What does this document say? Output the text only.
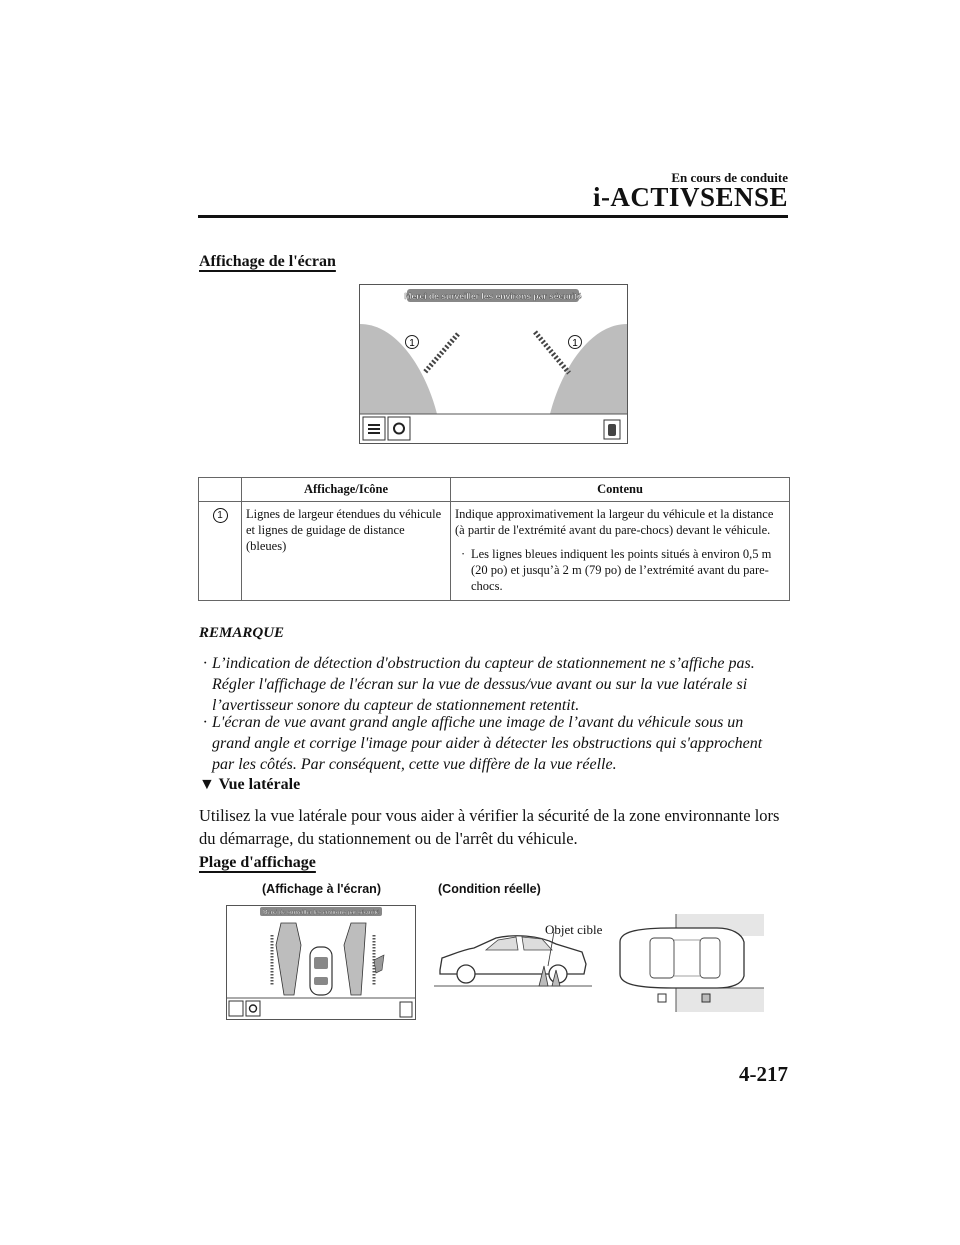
En cours de conduite
i-ACTIVSENSE
Affichage de l'écran
Merci de surveiller les environs par sécurité
1	1
	Affichage/Icône	Contenu
1	Lignes de largeur étendues du véhicule et lignes de guidage de distance (bleues)	Indique approximativement la largeur du véhicule et la distance (à partir de l'extrémité avant du pare-chocs) devant le véhicule.
· Les lignes bleues indiquent les points situés à environ 0,5 m (20 po) et jusqu’à 2 m (79 po) de l’extrémité avant du pare-chocs.
REMARQUE
· L’indication de détection d'obstruction du capteur de stationnement ne s’affiche pas. Régler l'affichage de l'écran sur la vue de dessus/vue avant ou sur la vue latérale si l’avertisseur sonore du capteur de stationnement retentit.
· L'écran de vue avant grand angle affiche une image de l’avant du véhicule sous un grand angle et corrige l'image pour aider à détecter les obstructions qui s'approchent par les côtés. Par conséquent, cette vue diffère de la vue réelle.
▼ Vue latérale
Utilisez la vue latérale pour vous aider à vérifier la sécurité de la zone environnante lors du démarrage, du stationnement ou de l'arrêt du véhicule.
Plage d'affichage
(Affichage à l'écran)	(Condition réelle)
Merci de surveiller les environs par sécurité
Objet cible
4-217
